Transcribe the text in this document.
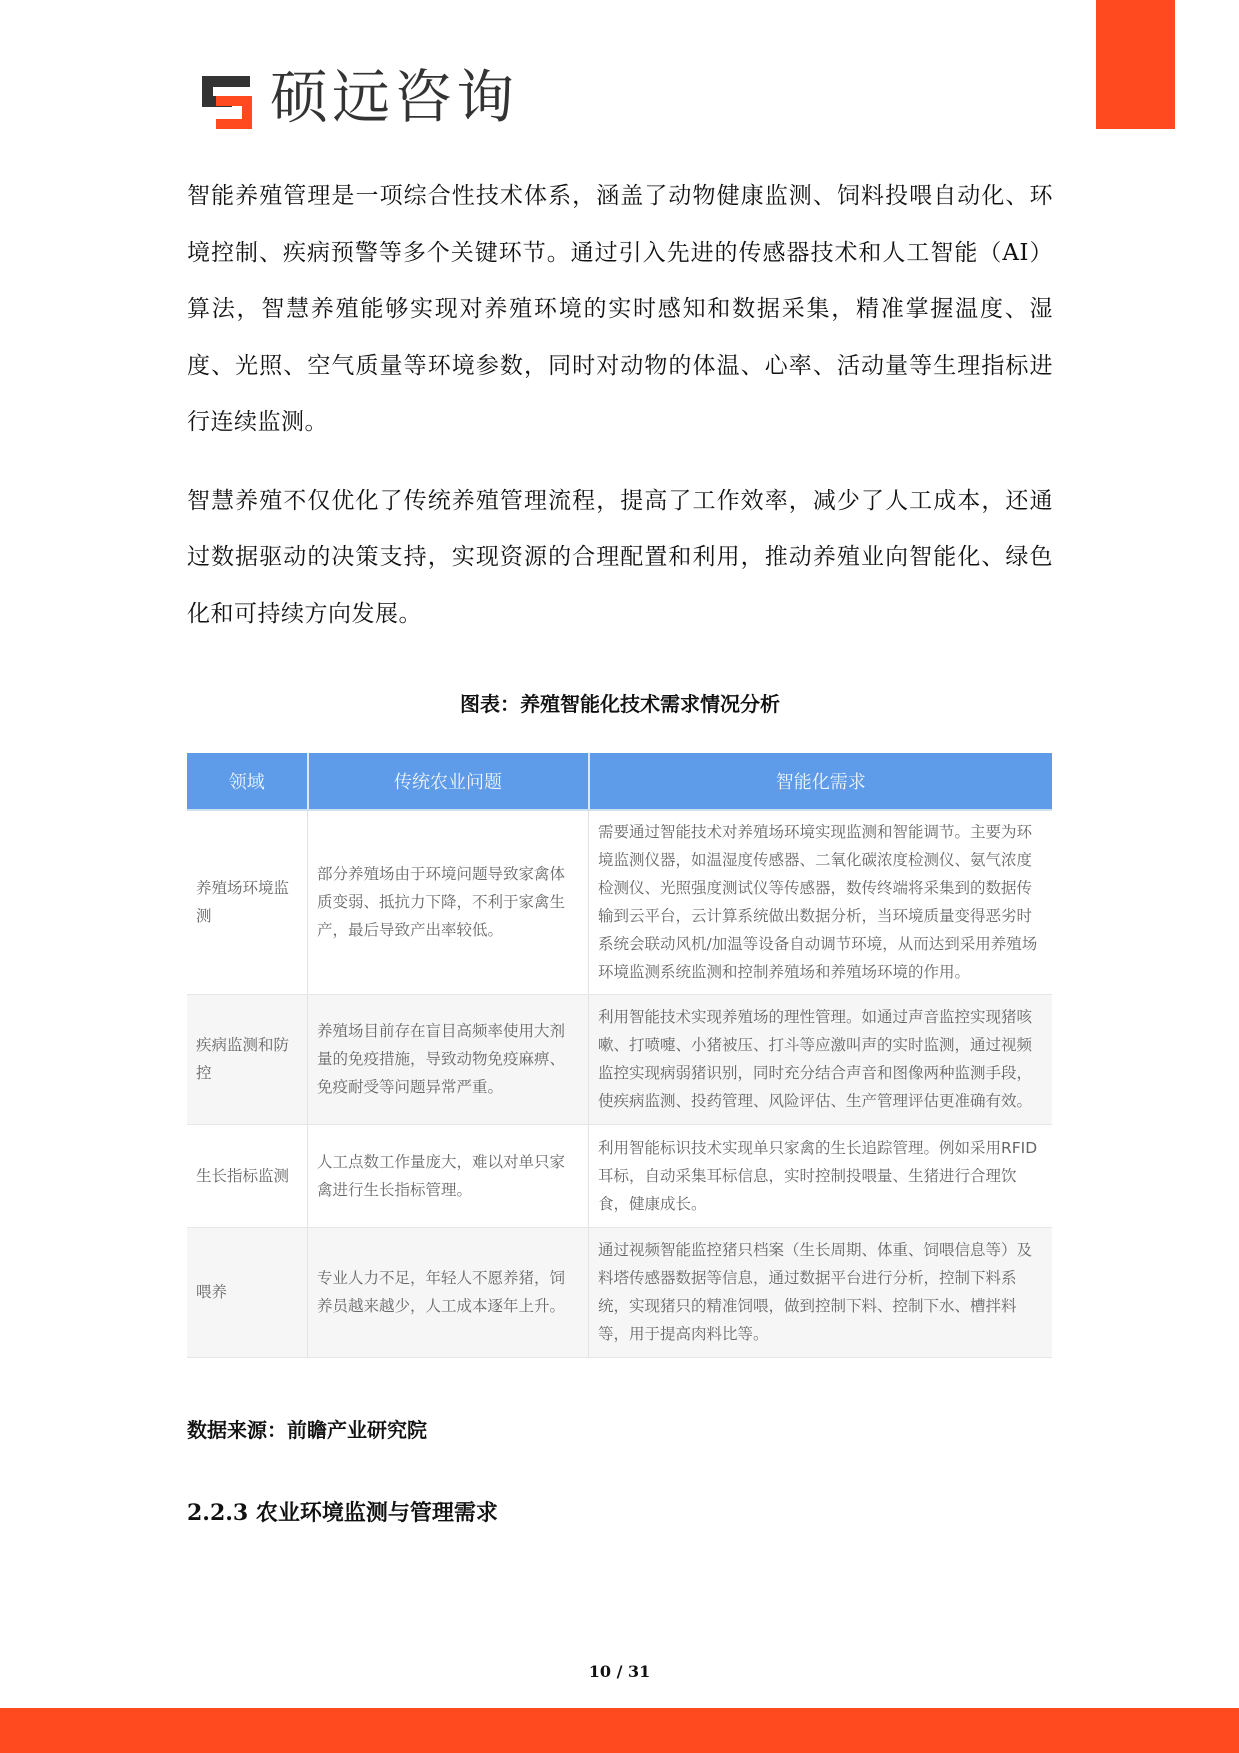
硕远咨询

智能养殖管理是一项综合性技术体系，涵盖了动物健康监测、饲料投喂自动化、环境控制、疾病预警等多个关键环节。通过引入先进的传感器技术和人工智能（AI）算法，智慧养殖能够实现对养殖环境的实时感知和数据采集，精准掌握温度、湿度、光照、空气质量等环境参数，同时对动物的体温、心率、活动量等生理指标进行连续监测。

智慧养殖不仅优化了传统养殖管理流程，提高了工作效率，减少了人工成本，还通过数据驱动的决策支持，实现资源的合理配置和利用，推动养殖业向智能化、绿色化和可持续方向发展。

图表：养殖智能化技术需求情况分析
领域	传统农业问题	智能化需求
养殖场环境监测	部分养殖场由于环境问题导致家禽体质变弱、抵抗力下降，不利于家禽生产，最后导致产出率较低。	需要通过智能技术对养殖场环境实现监测和智能调节。主要为环境监测仪器，如温湿度传感器、二氧化碳浓度检测仪、氨气浓度检测仪、光照强度测试仪等传感器，数传终端将采集到的数据传输到云平台，云计算系统做出数据分析，当环境质量变得恶劣时系统会联动风机/加温等设备自动调节环境，从而达到采用养殖场环境监测系统监测和控制养殖场和养殖场环境的作用。
疾病监测和防控	养殖场目前存在盲目高频率使用大剂量的免疫措施，导致动物免疫麻痹、免疫耐受等问题异常严重。	利用智能技术实现养殖场的理性管理。如通过声音监控实现猪咳嗽、打喷嚏、小猪被压、打斗等应激叫声的实时监测，通过视频监控实现病弱猪识别，同时充分结合声音和图像两种监测手段，使疾病监测、投药管理、风险评估、生产管理评估更准确有效。
生长指标监测	人工点数工作量庞大，难以对单只家禽进行生长指标管理。	利用智能标识技术实现单只家禽的生长追踪管理。例如采用RFID耳标，自动采集耳标信息，实时控制投喂量、生猪进行合理饮食，健康成长。
喂养	专业人力不足，年轻人不愿养猪，饲养员越来越少，人工成本逐年上升。	通过视频智能监控猪只档案（生长周期、体重、饲喂信息等）及料塔传感器数据等信息，通过数据平台进行分析，控制下料系统，实现猪只的精准饲喂，做到控制下料、控制下水、槽拌料等，用于提高肉料比等。
数据来源：前瞻产业研究院
2.2.3 农业环境监测与管理需求
10 / 31
